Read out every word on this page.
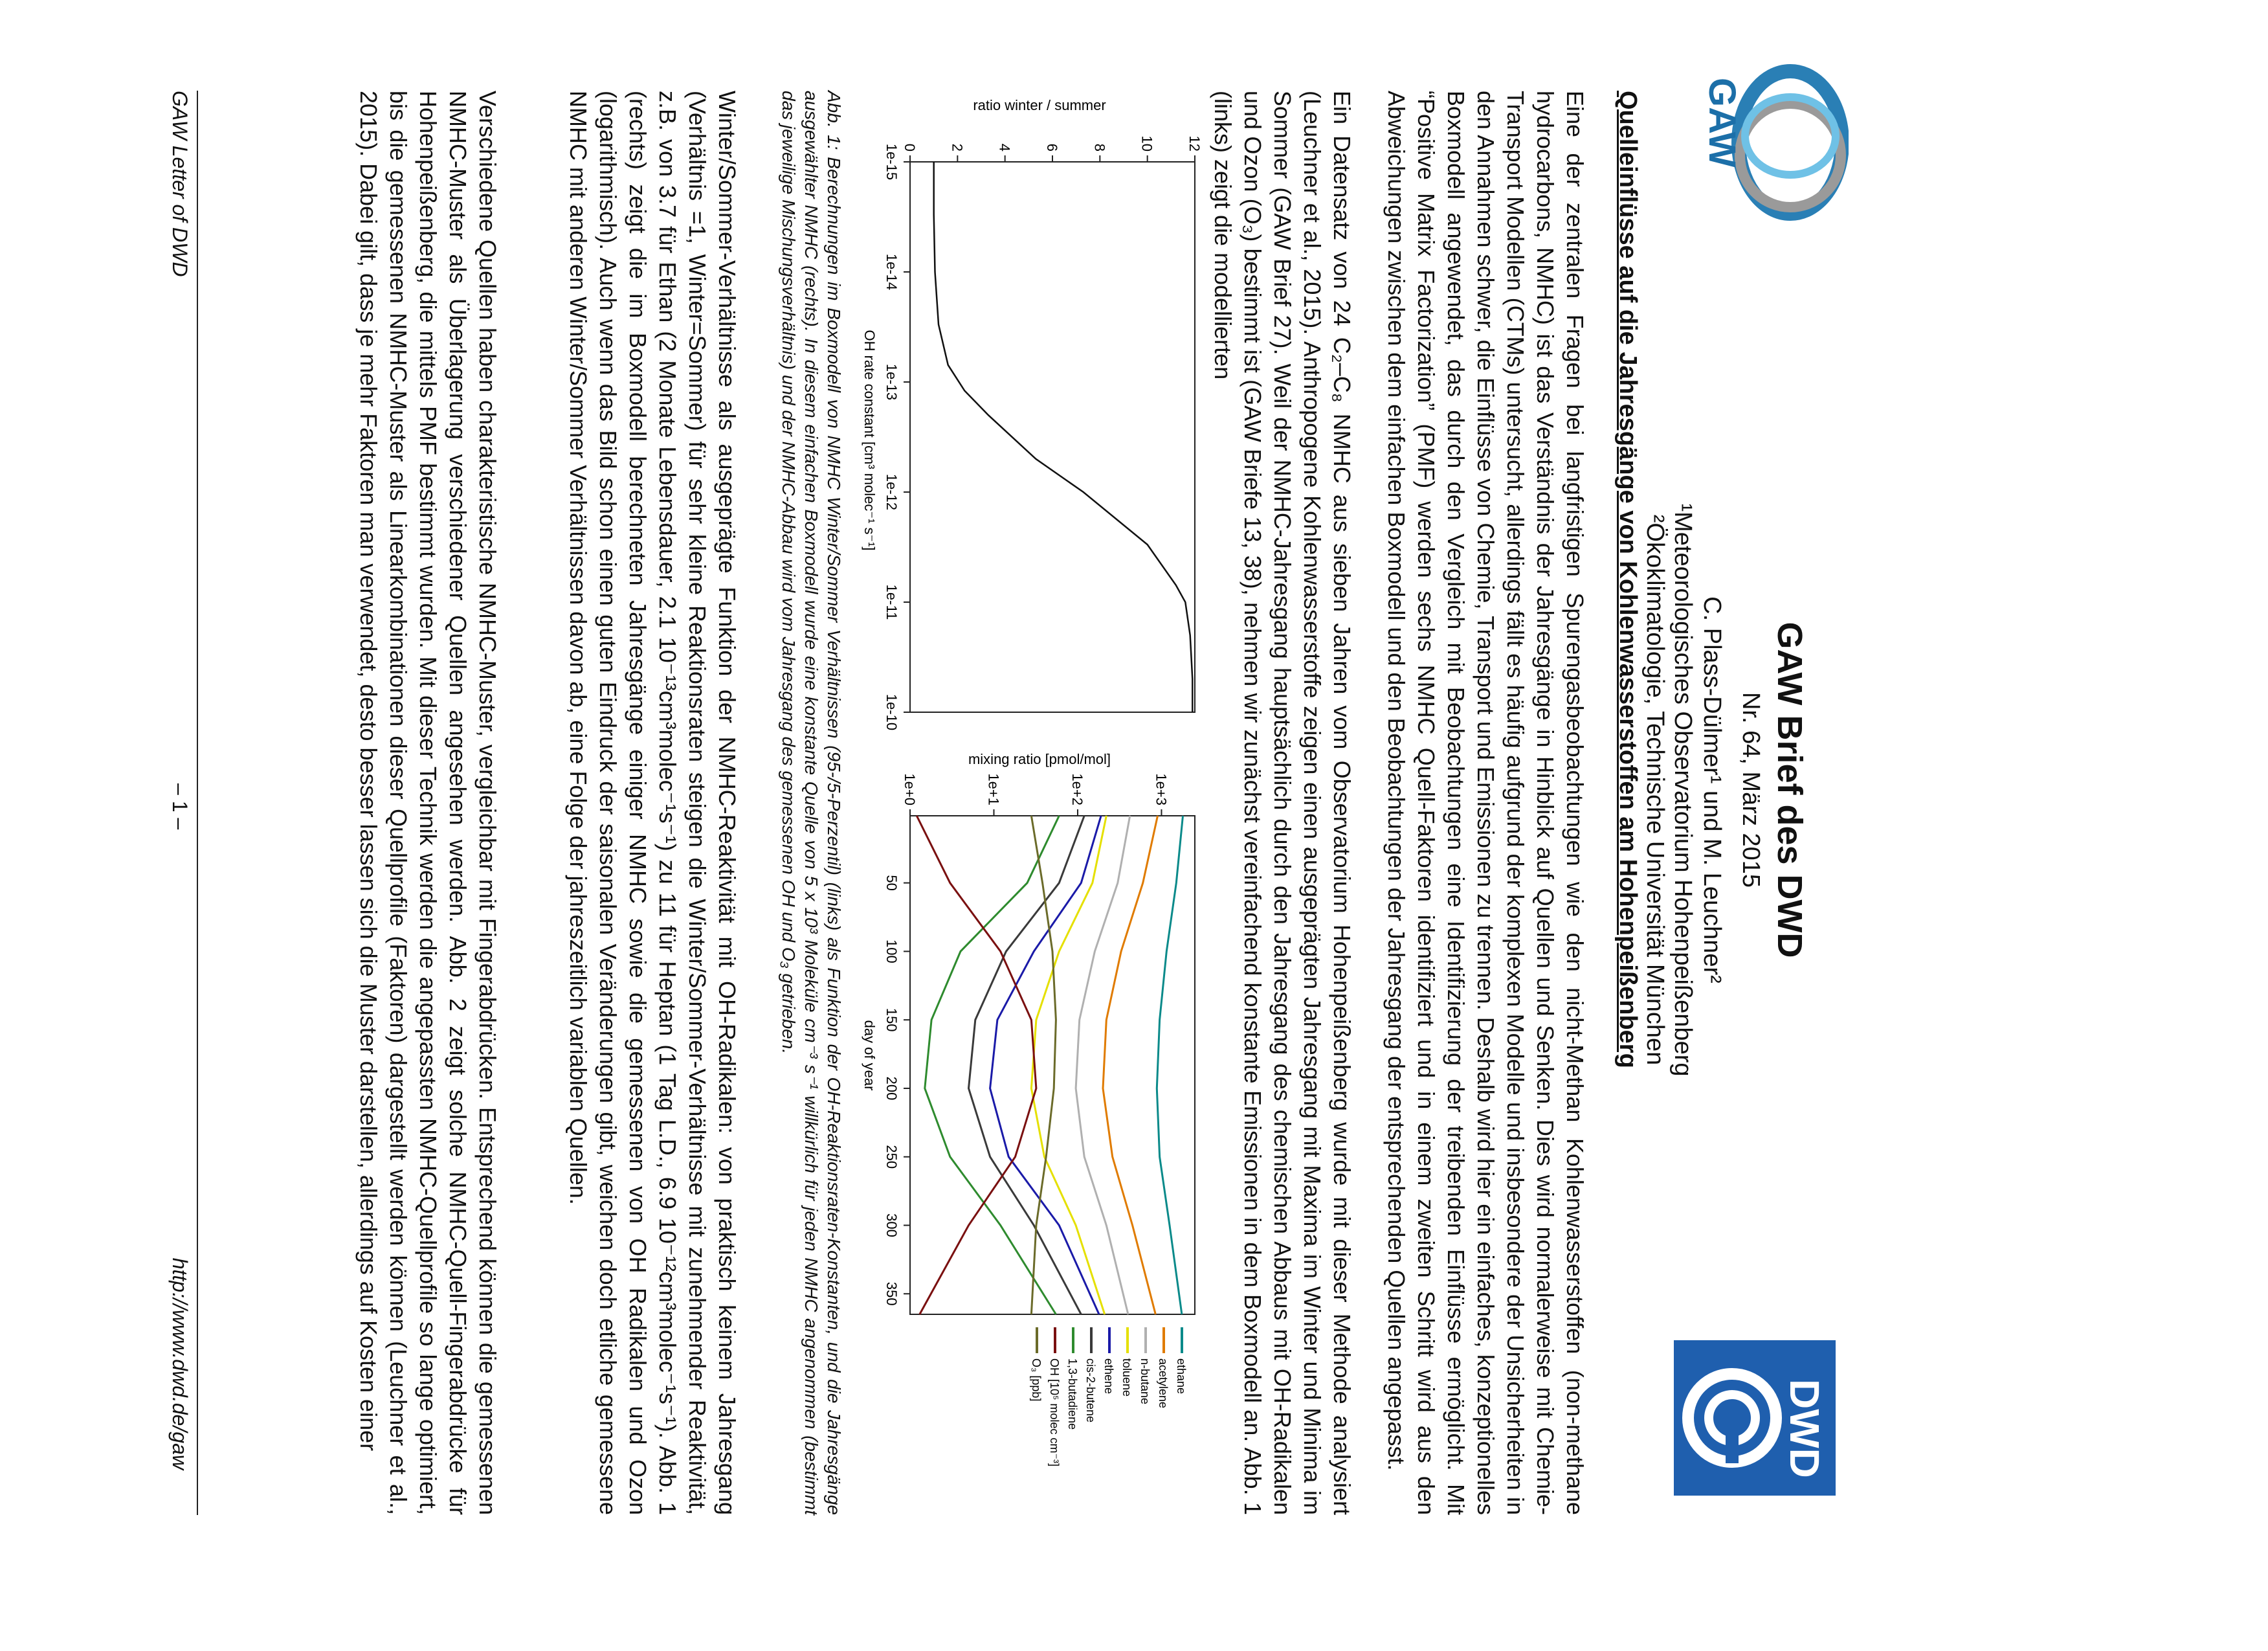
GAW
DWD
GAW Brief des DWD
Nr. 64, März 2015
C. Plass-Dülmer¹ und M. Leuchner²
¹Meteorologisches Observatorium Hohenpeißenberg
²Ökoklimatologie, Technische Universität München
Quelleinflüsse auf die Jahresgänge von Kohlenwasserstoffen am Hohenpeißenberg

Eine der zentralen Fragen bei langfristigen Spurengasbeobachtungen wie den nicht-Methan Kohlenwasserstoffen (non-methane hydrocarbons, NMHC) ist das Verständnis der Jahresgänge in Hinblick auf Quellen und Senken. Dies wird normalerweise mit Chemie-Transport Modellen (CTMs) untersucht, allerdings fällt es häufig aufgrund der komplexen Modelle und insbesondere der Unsicherheiten in den Annahmen schwer, die Einflüsse von Chemie, Transport und Emissionen zu trennen. Deshalb wird hier ein einfaches, konzeptionelles Boxmodell angewendet, das durch den Vergleich mit Beobachtungen eine Identifizierung der treibenden Einflüsse ermöglicht. Mit “Positive Matrix Factorization” (PMF) werden sechs NMHC Quell-Faktoren identifiziert und in einem zweiten Schritt wird aus den Abweichungen zwischen dem einfachen Boxmodell und den Beobachtungen der Jahresgang der entsprechenden Quellen angepasst.

Ein Datensatz von 24 C₂–C₈ NMHC aus sieben Jahren vom Observatorium Hohenpeißenberg wurde mit dieser Methode analysiert (Leuchner et al., 2015). Anthropogene Kohlenwasserstoffe zeigen einen ausgeprägten Jahresgang mit Maxima im Winter und Minima im Sommer (GAW Brief 27). Weil der NMHC-Jahresgang hauptsächlich durch den Jahresgang des chemischen Abbaus mit OH-Radikalen und Ozon (O₃) bestimmt ist (GAW Briefe 13, 38), nehmen wir zunächst vereinfachend konstante Emissionen in dem Boxmodell an. Abb. 1 (links) zeigt die modellierten

ratio winter / summer
OH rate constant [cm³ molec⁻¹ s⁻¹]
1e-15
1e-14
1e-13
1e-12
1e-11
1e-10
0 2 4 6 8 10 12
mixing ratio [pmol/mol]
day of year
50
100
150
200
250
300
350
1e+0	1e+1	1e+2	1e+3
ethane
acetylene
n-butane
toluene
ethene
cis-2-butene
1,3-butadiene
OH [10⁵ molec cm⁻³]
O₃ [ppb]

Abb. 1: Berechnungen im Boxmodell von NMHC Winter/Sommer Verhältnissen (95-/5-Perzentil) (links) als Funktion der OH-Reaktionsraten-Konstanten, und die Jahresgänge ausgewählter NMHC (rechts). In diesem einfachen Boxmodell wurde eine konstante Quelle von 5 x 10³ Moleküle cm⁻³ s⁻¹ willkürlich für jeden NMHC angenommen (bestimmt das jeweilige Mischungsverhältnis) und der NMHC-Abbau wird vom Jahresgang des gemessenen OH und O₃ getrieben.

Winter/Sommer-Verhältnisse als ausgeprägte Funktion der NMHC-Reaktivität mit OH-Radikalen: von praktisch keinem Jahresgang (Verhältnis =1, Winter=Sommer) für sehr kleine Reaktionsraten steigen die Winter/Sommer-Verhältnisse mit zunehmender Reaktivität, z.B. von 3.7 für Ethan (2 Monate Lebensdauer, 2.1 10⁻¹³cm³molec⁻¹s⁻¹) zu 11 für Heptan (1 Tag L.D., 6.9 10⁻¹²cm³molec⁻¹s⁻¹). Abb. 1 (rechts) zeigt die im Boxmodell berechneten Jahresgänge einiger NMHC sowie die gemessenen von OH Radikalen und Ozon (logarithmisch). Auch wenn das Bild schon einen guten Eindruck der saisonalen Veränderungen gibt, weichen doch etliche gemessene NMHC mit anderen Winter/Sommer Verhältnissen davon ab, eine Folge der jahreszeitlich variablen Quellen.

Verschiedene Quellen haben charakteristische NMHC-Muster, vergleichbar mit Fingerabdrücken. Entsprechend können die gemessenen NMHC-Muster als Überlagerung verschiedener Quellen angesehen werden. Abb. 2 zeigt solche NMHC-Quell-Fingerabdrücke für Hohenpeißenberg, die mittels PMF bestimmt wurden. Mit dieser Technik werden die angepassten NMHC-Quellprofile so lange optimiert, bis die gemessenen NMHC-Muster als Linearkombinationen dieser Quellprofile (Faktoren) dargestellt werden können (Leuchner et al., 2015). Dabei gilt, dass je mehr Faktoren man verwendet, desto besser lassen sich die Muster darstellen, allerdings auf Kosten einer

GAW Letter of DWD
– 1 –
http://www.dwd.de/gaw
